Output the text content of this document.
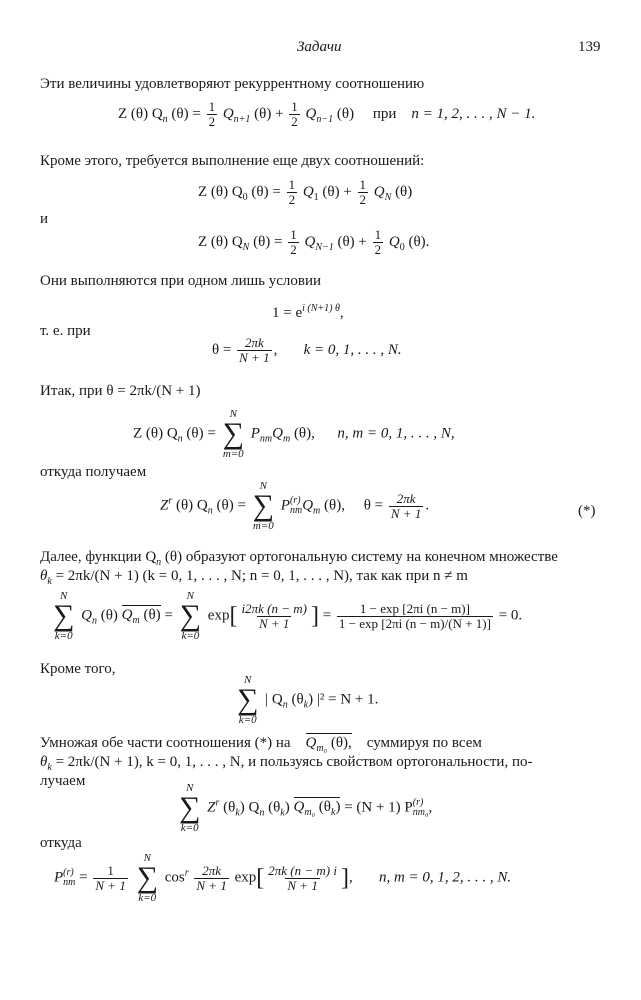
Задачи	139
Эти величины удовлетворяют рекуррентному соотношению
Z (θ) $Q_n$ $(\theta) = \frac{1}{2} Q_{n+1}$ $(\theta) + \frac{1}{2} Q_{n-1}$ (θ) при n = 1, 2, . . . , N − 1.
Кроме этого, требуется выполнение еще двух соотношений:
Z (θ) $Q_0$ $(\theta) = \frac{1}{2} Q_1$ $(\theta) + \frac{1}{2} Q_N$ (θ)
и
Z (θ) $Q_N$ $(\theta) = \frac{1}{2} Q_{N-1}$ $(\theta) + \frac{1}{2} Q_0$ (θ).
Они выполняются при одном лишь условии
$1 = e^{i (N+1) \theta}$,
т. е. при
$\theta = \frac{2\pi k}{N + 1}$ , k = 0, 1, . . . , N.
Итак, при θ = 2πk/(N + 1)
Z (θ) $Q_n$ (θ) =
N
∑
m=0
$P_{nm}Q_m$ (θ), n, m = 0, 1, . . . , N,
откуда получаем
$Z^r$ (θ) $Q_n$ (θ) =
N
∑
m=0
P (r)
nm $Q_m$ (θ), $\theta = \frac{2\pi k}{N + 1}$ .	(*)
Далее, функции $Q_n$ (θ) образуют ортогональную систему на конечном множестве
$\theta_k = 2\pi k/(N + 1) (k = 0$, 1, . . . , N; n = 0, 1, . . . , N), так как при n ≠ m
N
∑
k=0
$Q_n$ (θ) $Q_m$ (θ) =
N
∑
k=0
$\exp[ \frac{i2\pi k (n - m)}{N + 1}$ ] = $\frac{1 - \exp [2\pi i (n - m)]}{1 - \exp [2\pi i (n - m)/(N + 1)]} = 0$.
Кроме того,
N
∑
k=0
| $Q_n$ $(\theta_k) |^2 = N + 1$.
Умножая обе части соотношения (*) на $Q_{m_0}$ (θ), суммируя по всем
$\theta_k = 2\pi k/(N + 1)$, k = 0, 1, . . . , N, и пользуясь свойством ортогональности, по-
лучаем	N
∑
k=0
$Z^r$ $(\theta_k)$ $Q_n$ $(\theta_k)$ $Q_{m_0}$ $(\theta_k) = (N + 1)$ P (r)
nm₀ ,
откуда
P (r)
nm = $\frac{1}{N + 1}$

N
∑
k=0
$\cos^r \frac{2\pi k}{N + 1} \exp[ \frac{2\pi k (n - m) i}{N + 1}$ ], n, m = 0, 1, 2, . . . , N.
